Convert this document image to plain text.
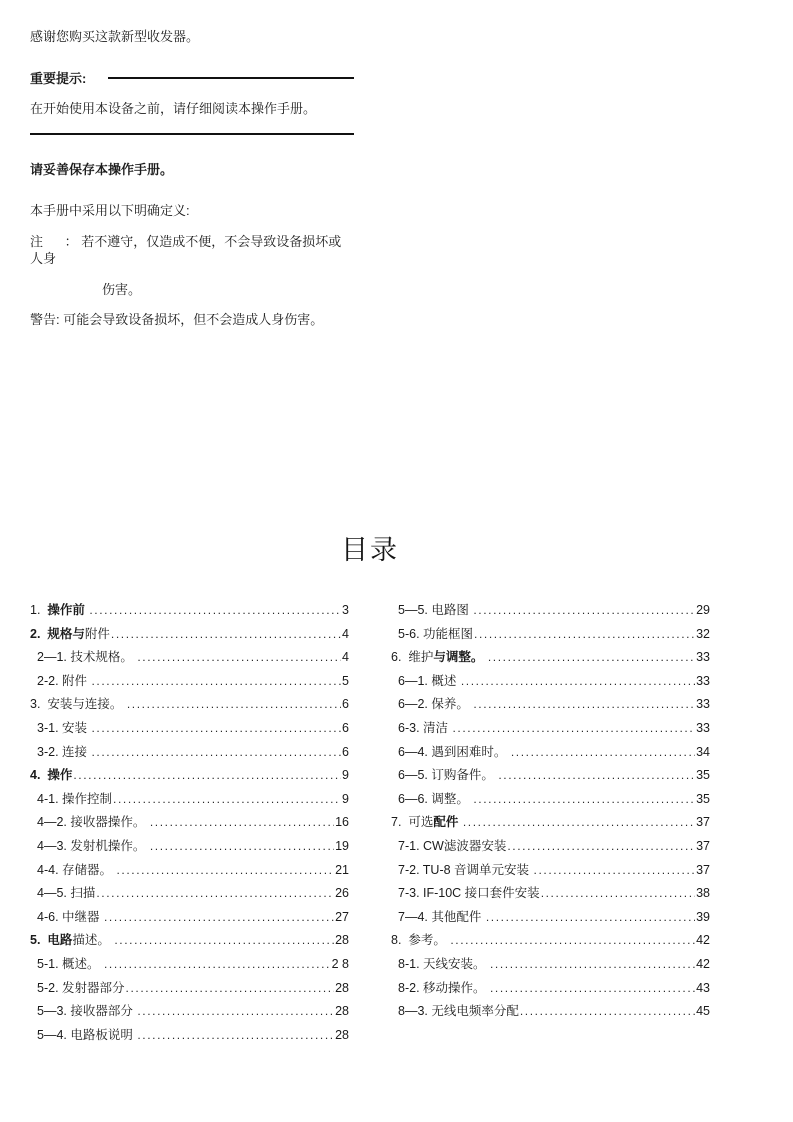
感谢您购买这款新型收发器。

重要提示:
在开始使用本设备之前，请仔细阅读本操作手册。

请妥善保存本操作手册。

本手册中采用以下明确定义:

注      ： 若不遵守，仅造成不便，不会导致设备损坏或人身

伤害。

警告: 可能会导致设备损坏，但不会造成人身伤害。

目录
1.  操作前 .....	3
2.  规格与附件 .....	4
2—1. 技术规格。 .....	4
2-2. 附件 .....	5
3.  安装与连接。 .....	6
3-1. 安装 .....	6
3-2. 连接 .....	6
4.  操作 .....	9
4-1. 操作控制 .....	9
4—2. 接收器操作。 .....	16
4—3. 发射机操作。 .....	19
4-4. 存储器。 .....	21
4—5. 扫描 .....	26
4-6. 中继器 .....	27
5.  电路描述。 .....	28
5-1. 概述。 .....	2 8
5-2. 发射器部分 .....	28
5—3. 接收器部分 .....	28
5—4. 电路板说明 .....	28
5—5. 电路图 .....	29
5-6. 功能框图 .....	32
6.  维护与调整。 .....	33
6—1. 概述 .....	33
6—2. 保养。 .....	33
6-3. 清洁 .....	33
6—4. 遇到困难时。 .....	34
6—5. 订购备件。 .....	35
6—6. 调整。 .....	35
7.  可选配件 .....	37
7-1. CW滤波器安装 .....	37
7-2. TU-8 音调单元安装 .....	37
7-3. IF-10C 接口套件安装 .....	38
7—4. 其他配件 .....	39
8.  参考。 .....	42
8-1. 天线安装。 .....	42
8-2. 移动操作。 .....	43
8—3. 无线电频率分配 .....	45
